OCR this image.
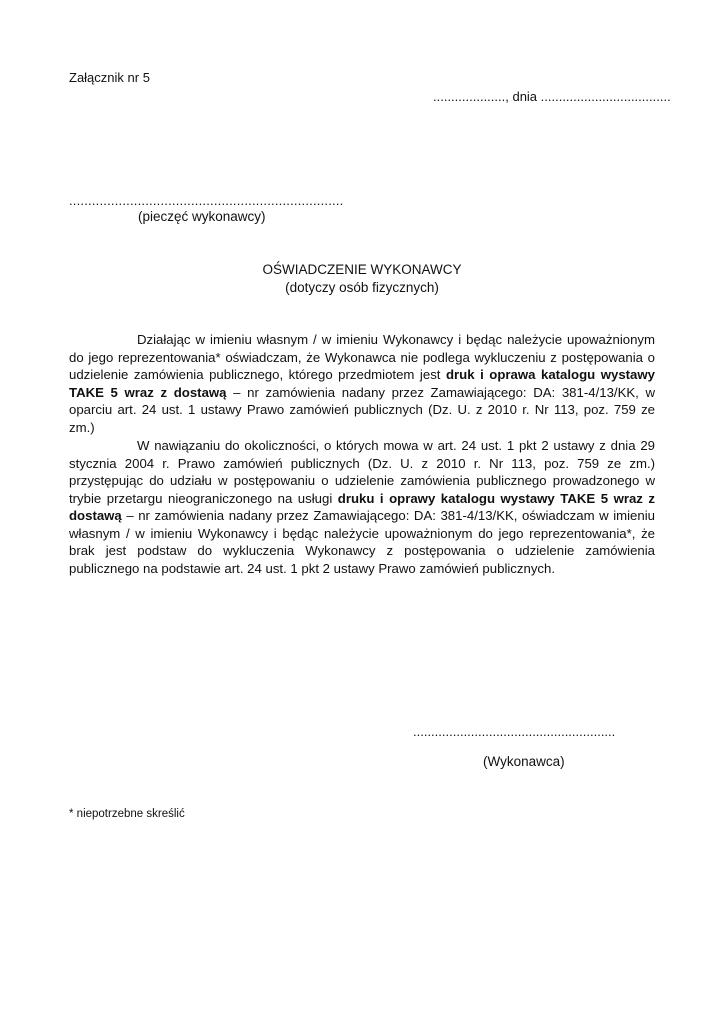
Załącznik nr 5

...................., dnia ....................................

........................................................................

(pieczęć wykonawcy)

OŚWIADCZENIE WYKONAWCY
(dotyczy osób fizycznych)

Działając w imieniu własnym / w imieniu Wykonawcy i będąc należycie upoważnionym do jego reprezentowania* oświadczam, że Wykonawca nie podlega wykluczeniu z postępowania o udzielenie zamówienia publicznego, którego przedmiotem jest druk i oprawa katalogu wystawy TAKE 5 wraz z dostawą – nr zamówienia nadany przez Zamawiającego: DA: 381-4/13/KK, w oparciu art. 24 ust. 1 ustawy Prawo zamówień publicznych (Dz. U. z 2010 r. Nr 113, poz. 759 ze zm.)

W nawiązaniu do okoliczności, o których mowa w art. 24 ust. 1 pkt 2 ustawy z dnia 29 stycznia 2004 r. Prawo zamówień publicznych (Dz. U. z 2010 r. Nr 113, poz. 759 ze zm.) przystępując do udziału w postępowaniu o udzielenie zamówienia publicznego prowadzonego w trybie przetargu nieograniczonego na usługi druku i oprawy katalogu wystawy TAKE 5 wraz z dostawą – nr zamówienia nadany przez Zamawiającego: DA: 381-4/13/KK, oświadczam w imieniu własnym / w imieniu Wykonawcy i będąc należycie upoważnionym do jego reprezentowania*, że brak jest podstaw do wykluczenia Wykonawcy z postępowania o udzielenie zamówienia publicznego na podstawie art. 24 ust. 1 pkt 2 ustawy Prawo zamówień publicznych.

........................................................

(Wykonawca)

* niepotrzebne skreślić
